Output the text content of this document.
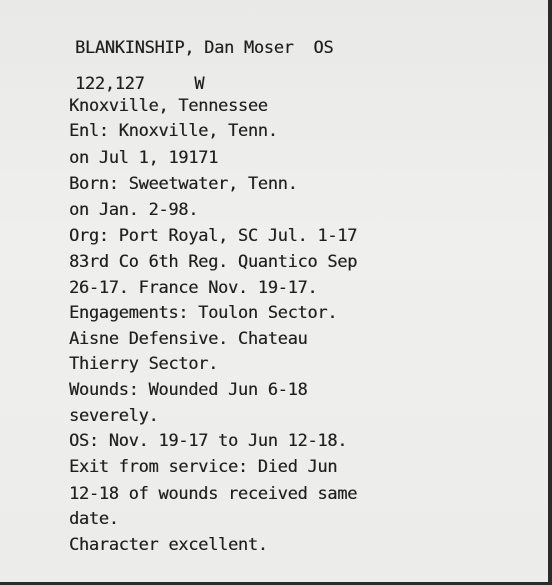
BLANKINSHIP, Dan Moser  OS
122,127     W
Knoxville, Tennessee
Enl: Knoxville, Tenn.
on Jul 1, 19171
Born: Sweetwater, Tenn.
on Jan. 2-98.
Org: Port Royal, SC Jul. 1-17
83rd Co 6th Reg. Quantico Sep
26-17. France Nov. 19-17.
Engagements: Toulon Sector.
Aisne Defensive. Chateau
Thierry Sector.
Wounds: Wounded Jun 6-18
severely.
OS: Nov. 19-17 to Jun 12-18.
Exit from service: Died Jun
12-18 of wounds received same
date.
Character excellent.
